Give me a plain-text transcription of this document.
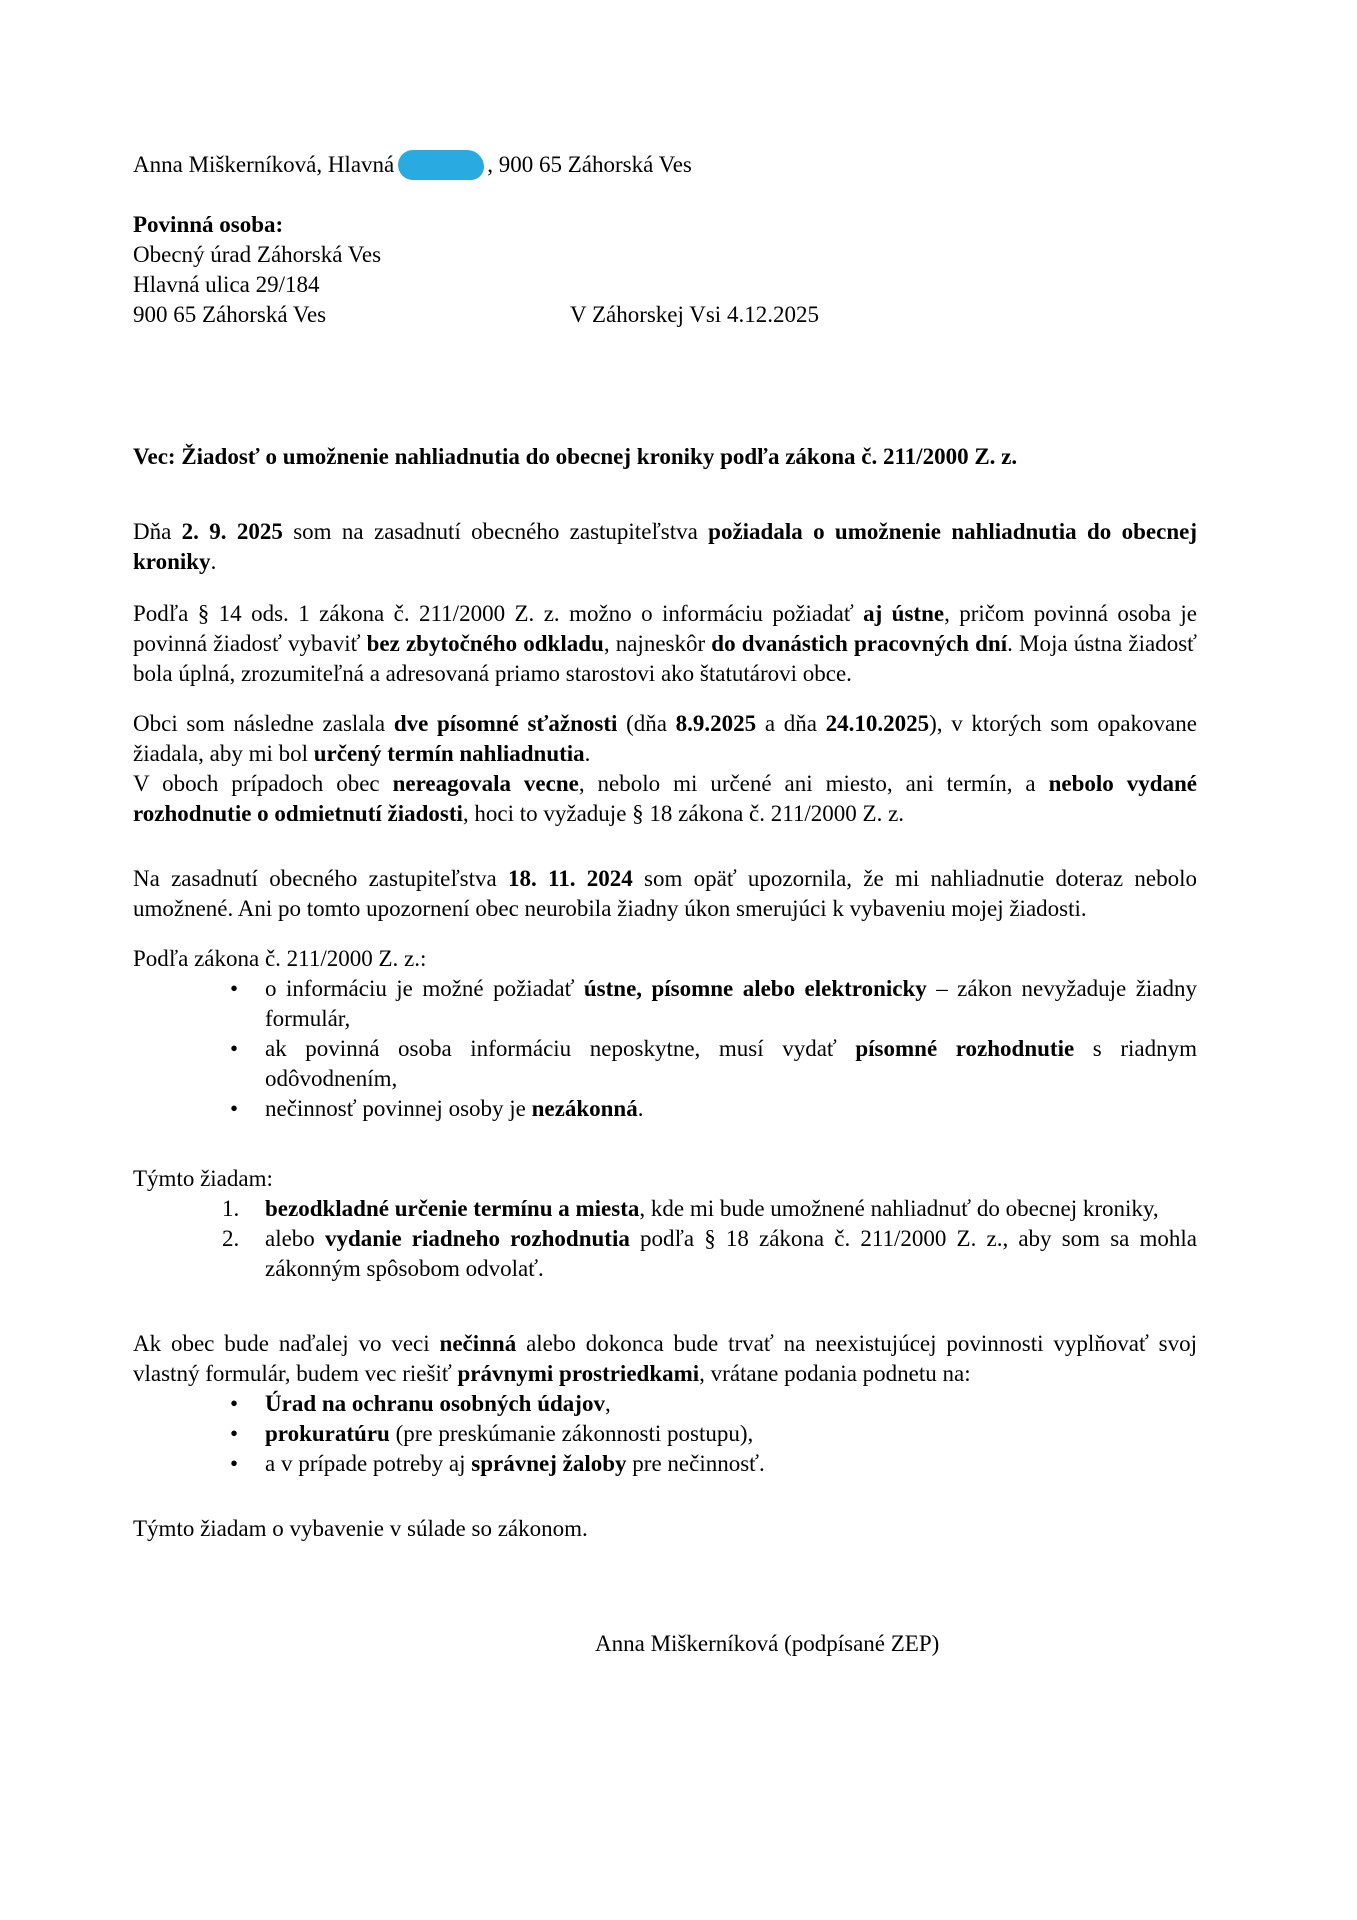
Anna Miškerníková, Hlavná	, 900 65 Záhorská Ves

Povinná osoba:
Obecný úrad Záhorská Ves
Hlavná ulica 29/184
900 65 Záhorská Ves	V Záhorskej Vsi 4.12.2025

Vec: Žiadosť o umožnenie nahliadnutia do obecnej kroniky podľa zákona č. 211/2000 Z. z.

Dňa 2. 9. 2025 som na zasadnutí obecného zastupiteľstva požiadala o umožnenie nahliadnutia do obecnej kroniky.

Podľa § 14 ods. 1 zákona č. 211/2000 Z. z. možno o informáciu požiadať aj ústne, pričom povinná osoba je povinná žiadosť vybaviť bez zbytočného odkladu, najneskôr do dvanástich pracovných dní. Moja ústna žiadosť bola úplná, zrozumiteľná a adresovaná priamo starostovi ako štatutárovi obce.

Obci som následne zaslala dve písomné sťažnosti (dňa 8.9.2025 a dňa 24.10.2025), v ktorých som opakovane žiadala, aby mi bol určený termín nahliadnutia.

V oboch prípadoch obec nereagovala vecne, nebolo mi určené ani miesto, ani termín, a nebolo vydané rozhodnutie o odmietnutí žiadosti, hoci to vyžaduje § 18 zákona č. 211/2000 Z. z.

Na zasadnutí obecného zastupiteľstva 18. 11. 2024 som opäť upozornila, že mi nahliadnutie doteraz nebolo umožnené. Ani po tomto upozornení obec neurobila žiadny úkon smerujúci k vybaveniu mojej žiadosti.

Podľa zákona č. 211/2000 Z. z.:

•	o informáciu je možné požiadať ústne, písomne alebo elektronicky – zákon nevyžaduje žiadny formulár,
•	ak povinná osoba informáciu neposkytne, musí vydať písomné rozhodnutie s riadnym odôvodnením,
•	nečinnosť povinnej osoby je nezákonná.

Týmto žiadam:

1.	bezodkladné určenie termínu a miesta, kde mi bude umožnené nahliadnuť do obecnej kroniky,
2.	alebo vydanie riadneho rozhodnutia podľa § 18 zákona č. 211/2000 Z. z., aby som sa mohla zákonným spôsobom odvolať.

Ak obec bude naďalej vo veci nečinná alebo dokonca bude trvať na neexistujúcej povinnosti vyplňovať svoj vlastný formulár, budem vec riešiť právnymi prostriedkami, vrátane podania podnetu na:

•	Úrad na ochranu osobných údajov,
•	prokuratúru (pre preskúmanie zákonnosti postupu),
•	a v prípade potreby aj správnej žaloby pre nečinnosť.

Týmto žiadam o vybavenie v súlade so zákonom.

Anna Miškerníková (podpísané ZEP)
